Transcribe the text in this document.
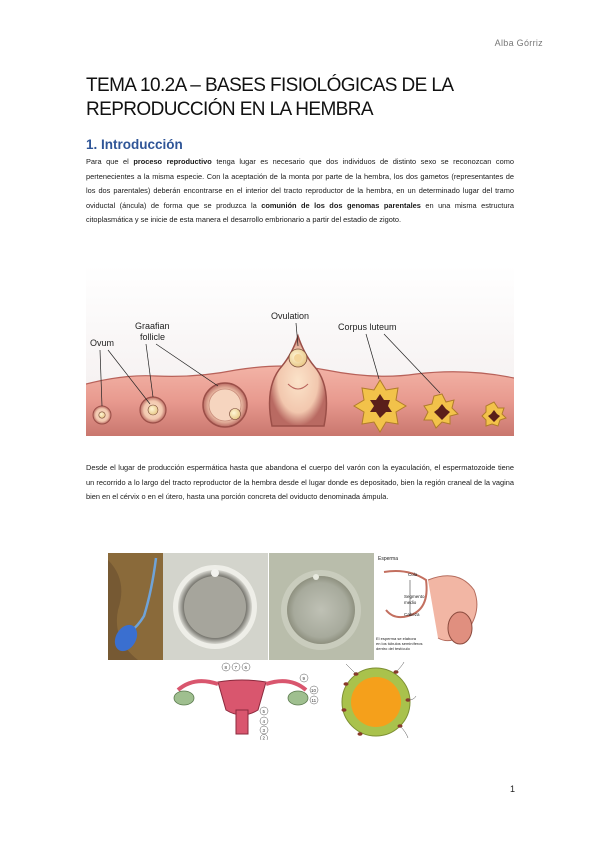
Alba Górriz
TEMA 10.2A – BASES FISIOLÓGICAS DE LA
REPRODUCCIÓN EN LA HEMBRA
1. Introducción

Para que el proceso reproductivo tenga lugar es necesario que dos individuos de distinto sexo se reconozcan como pertenecientes a la misma especie. Con la aceptación de la monta por parte de la hembra, los dos gametos (representantes de los dos parentales) deberán encontrarse en el interior del tracto reproductor de la hembra, en un determinado lugar del tramo oviductal (áncula) de forma que se produzca la comunión de los dos genomas parentales en una misma estructura citoplasmática y se inicie de esta manera el desarrollo embrionario a partir del estadio de zigoto.

Ovum
Graafian
follicle
Ovulation
Corpus luteum

Desde el lugar de producción espermática hasta que abandona el cuerpo del varón con la eyaculación, el espermatozoide tiene un recorrido a lo largo del tracto reproductor de la hembra desde el lugar donde es depositado, bien la región craneal de la vagina bien en el cérvix o en el útero, hasta una porción concreta del oviducto denominada ámpula.

Esperma
Cola
Segmento
medio
Cabeza
El esperma se elabora
en los túbulos seminíferos
dentro del testículo
8 7 6
5
4
3
2
9
10
11
1
